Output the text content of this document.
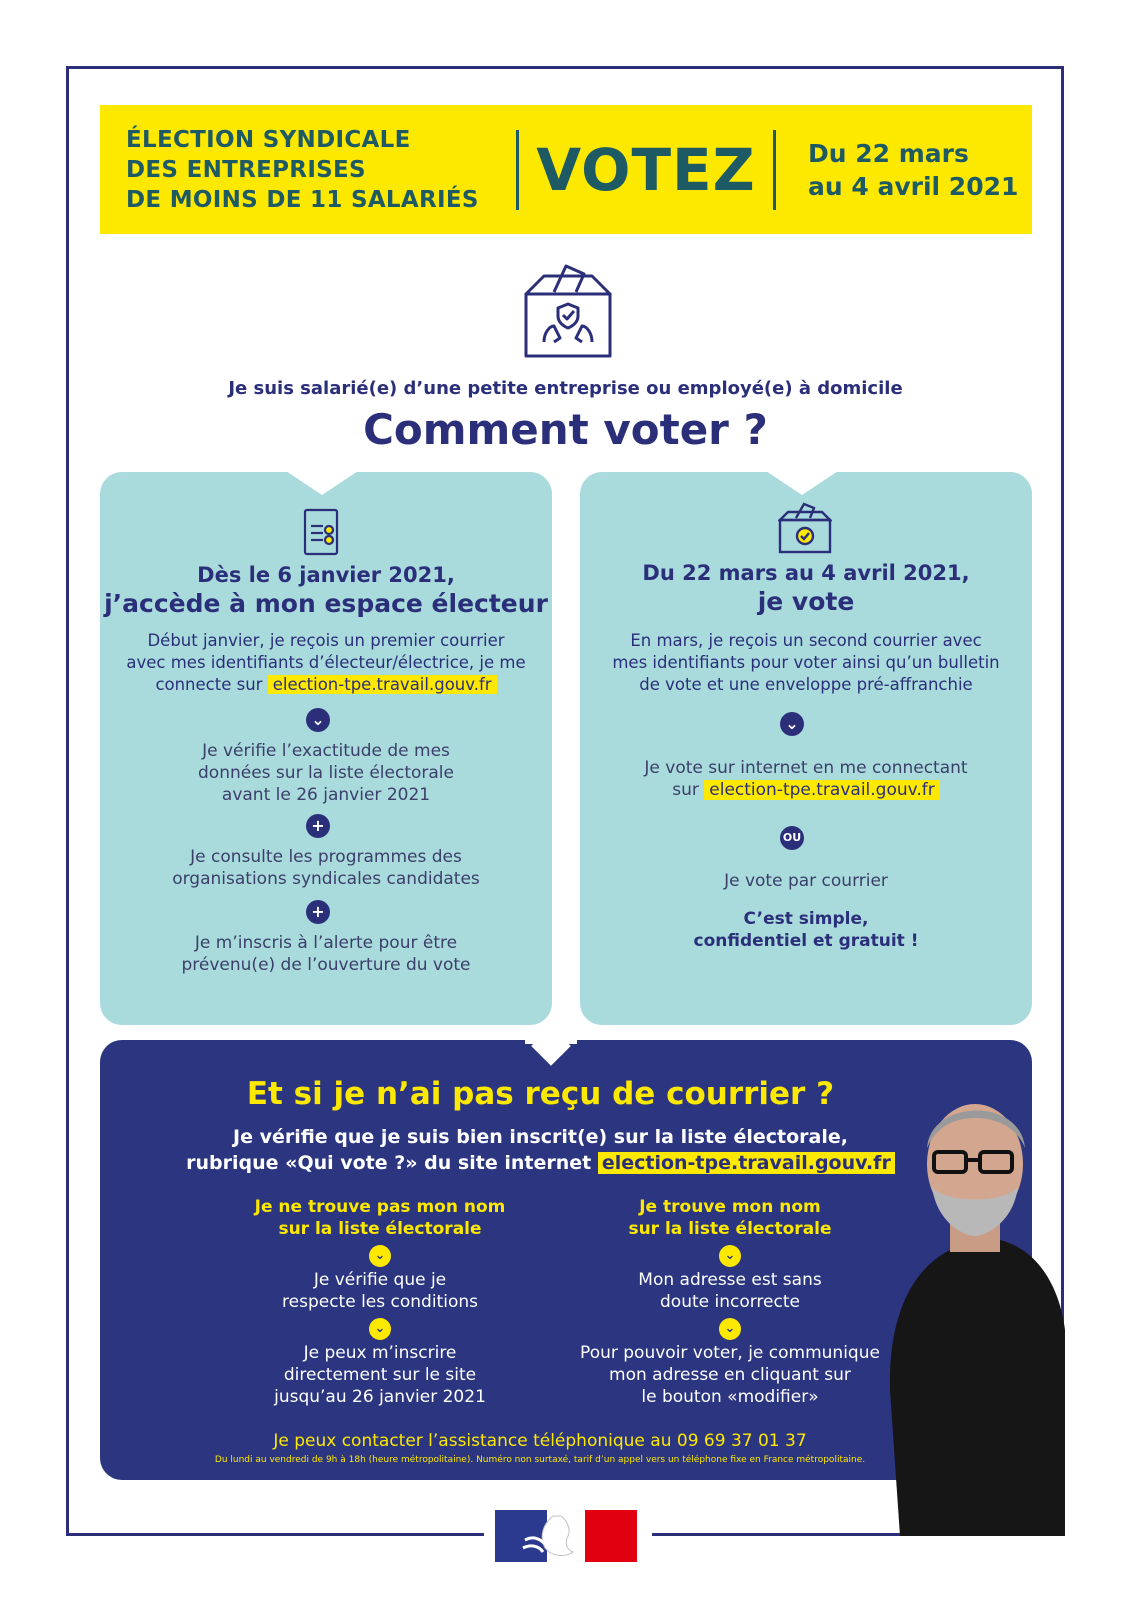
ÉLECTION SYNDICALE
DES ENTREPRISES
DE MOINS DE 11 SALARIÉS VOTEZ	Du 22 mars
au 4 avril 2021
Je suis salarié(e) d’une petite entreprise ou employé(e) à domicile
Comment voter ?
Dès le 6 janvier 2021,
j’accède à mon espace électeur
Début janvier, je reçois un premier courrier
avec mes identifiants d’électeur/électrice, je me
connecte sur election-tpe.travail.gouv.fr
⌄
Je vérifie l’exactitude de mes
données sur la liste électorale
avant le 26 janvier 2021
+
Je consulte les programmes des
organisations syndicales candidates
+
Je m’inscris à l’alerte pour être
prévenu(e) de l’ouverture du vote
Du 22 mars au 4 avril 2021,
je vote
En mars, je reçois un second courrier avec
mes identifiants pour voter ainsi qu’un bulletin
de vote et une enveloppe pré-affranchie
⌄
Je vote sur internet en me connectant
sur election-tpe.travail.gouv.fr
OU
Je vote par courrier
C’est simple,
confidentiel et gratuit !
Et si je n’ai pas reçu de courrier ?
Je vérifie que je suis bien inscrit(e) sur la liste électorale,
rubrique «Qui vote ?» du site internet election-tpe.travail.gouv.fr
Je ne trouve pas mon nom
sur la liste électorale
⌄
Je vérifie que je
respecte les conditions
⌄
Je peux m’inscrire
directement sur le site
jusqu’au 26 janvier 2021
Je trouve mon nom
sur la liste électorale
⌄
Mon adresse est sans
doute incorrecte
⌄
Pour pouvoir voter, je communique
mon adresse en cliquant sur
le bouton «modifier»
Je peux contacter l’assistance téléphonique au 09 69 37 01 37
Du lundi au vendredi de 9h à 18h (heure métropolitaine). Numéro non surtaxé, tarif d’un appel vers un téléphone fixe en France métropolitaine.
